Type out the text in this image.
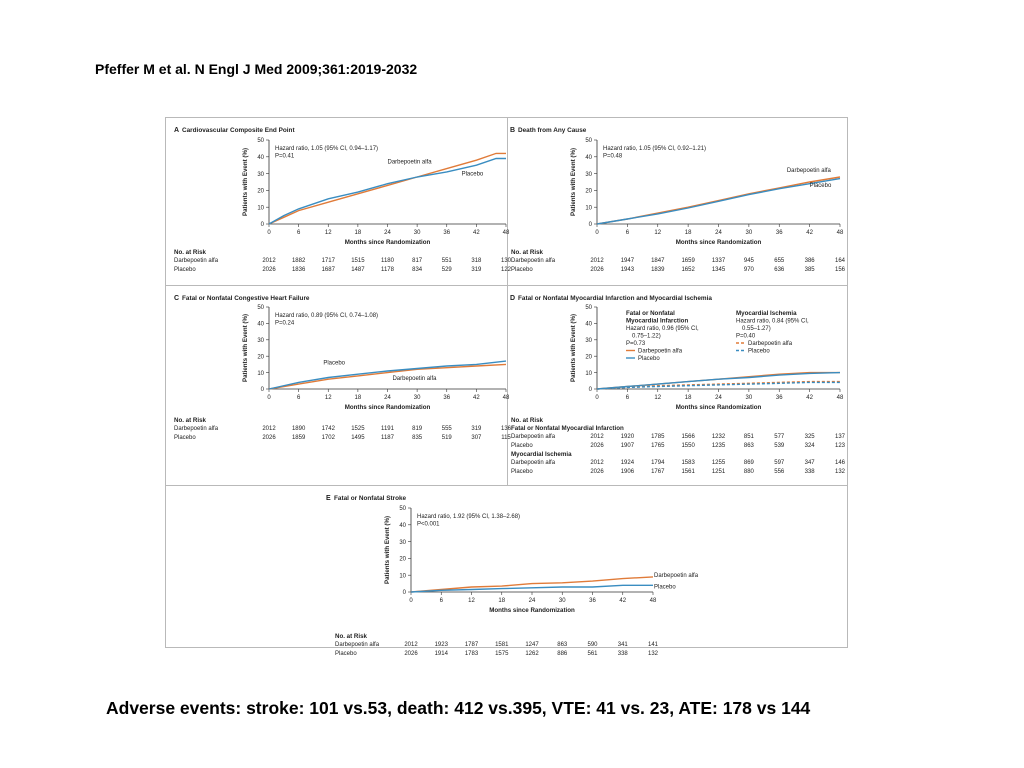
Pfeffer M et al. N Engl J Med 2009;361:2019-2032
A Cardiovascular Composite End Point
0
10
20
30
40
50
0	6	12	18	24	30	36	42	48
Months since Randomization
Patients with Event (%)	Hazard ratio, 1.05 (95% CI, 0.94–1.17)
P=0.41
Darbepoetin alfa
Placebo
No. at Risk
Darbepoetin alfa	2012	1882	1717	1515	1180	817	551	318	130
Placebo	2026	1836	1687	1487	1178	834	529	319	122
B Death from Any Cause
0
10
20
30
40
50
0	6	12	18	24	30	36	42	48
Months since Randomization
Patients with Event (%)	Hazard ratio, 1.05 (95% CI, 0.92–1.21)
P=0.48
Darbepoetin alfa
Placebo
No. at Risk
Darbepoetin alfa	2012	1947	1847	1659	1337	945	655	386	164
Placebo	2026	1943	1839	1652	1345	970	636	385	156
C Fatal or Nonfatal Congestive Heart Failure
0
10
20
30
40
50
0	6	12	18	24	30	36	42	48
Months since Randomization
Patients with Event (%)	Hazard ratio, 0.89 (95% CI, 0.74–1.08)
P=0.24
Placebo
Darbepoetin alfa
No. at Risk
Darbepoetin alfa	2012	1890	1742	1525	1191	819	555	319	136
Placebo	2026	1859	1702	1495	1187	835	519	307	115
D Fatal or Nonfatal Myocardial Infarction and Myocardial Ischemia
0
10
20
30
40
50
0	6	12	18	24	30	36	42	48
Months since Randomization
Patients with Event (%)
Fatal or Nonfatal
Myocardial Infarction
Hazard ratio, 0.96 (95% CI,
0.75–1.22)
P=0.73
Darbepoetin alfa
Placebo
Myocardial Ischemia
Hazard ratio, 0.84 (95% CI,
0.55–1.27)
P=0.40
Darbepoetin alfa
Placebo
No. at Risk
Fatal or Nonfatal Myocardial Infarction
Darbepoetin alfa	2012	1920	1785	1566	1232	851	577	325	137
Placebo	2026	1907	1765	1550	1235	863	539	324	123
Myocardial Ischemia
Darbepoetin alfa	2012	1924	1794	1583	1255	869	597	347	146
Placebo	2026	1906	1767	1561	1251	880	556	338	132
E Fatal or Nonfatal Stroke
0
10
20
30
40
50
0	6	12	18	24	30	36	42	48
Months since Randomization
Patients with Event (%)	Hazard ratio, 1.92 (95% CI, 1.38–2.68)
P<0.001
Darbepoetin alfa
Placebo
No. at Risk
Darbepoetin alfa	2012	1923	1787	1581	1247	863	590	341	141
Placebo	2026	1914	1783	1575	1262	886	561	338	132
Adverse events: stroke: 101 vs.53, death: 412 vs.395, VTE: 41 vs. 23, ATE: 178 vs 144
